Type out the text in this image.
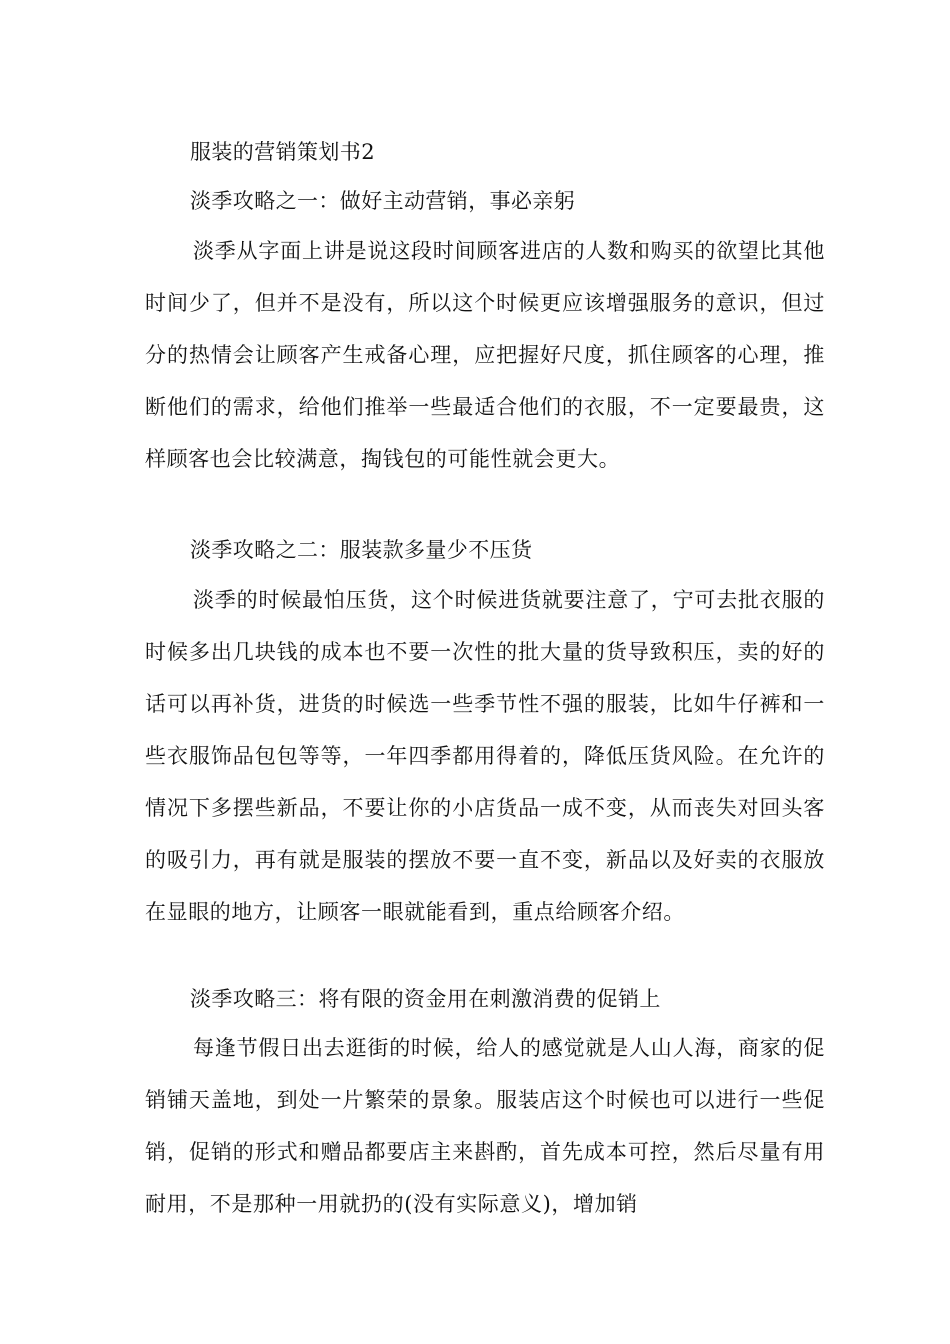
服装的营销策划书2
淡季攻略之一：做好主动营销，事必亲躬

淡季从字面上讲是说这段时间顾客进店的人数和购买的欲望比其他时间少了，但并不是没有，所以这个时候更应该增强服务的意识，但过分的热情会让顾客产生戒备心理，应把握好尺度，抓住顾客的心理，推断他们的需求，给他们推举一些最适合他们的衣服，不一定要最贵，这样顾客也会比较满意，掏钱包的可能性就会更大。

淡季攻略之二：服装款多量少不压货

淡季的时候最怕压货，这个时候进货就要注意了，宁可去批衣服的时候多出几块钱的成本也不要一次性的批大量的货导致积压，卖的好的话可以再补货，进货的时候选一些季节性不强的服装，比如牛仔裤和一些衣服饰品包包等等，一年四季都用得着的，降低压货风险。在允许的情况下多摆些新品，不要让你的小店货品一成不变，从而丧失对回头客的吸引力，再有就是服装的摆放不要一直不变，新品以及好卖的衣服放在显眼的地方，让顾客一眼就能看到，重点给顾客介绍。

淡季攻略三：将有限的资金用在刺激消费的促销上

每逢节假日出去逛街的时候，给人的感觉就是人山人海，商家的促销铺天盖地，到处一片繁荣的景象。服装店这个时候也可以进行一些促销，促销的形式和赠品都要店主来斟酌，首先成本可控，然后尽量有用耐用，不是那种一用就扔的(没有实际意义)，增加销
